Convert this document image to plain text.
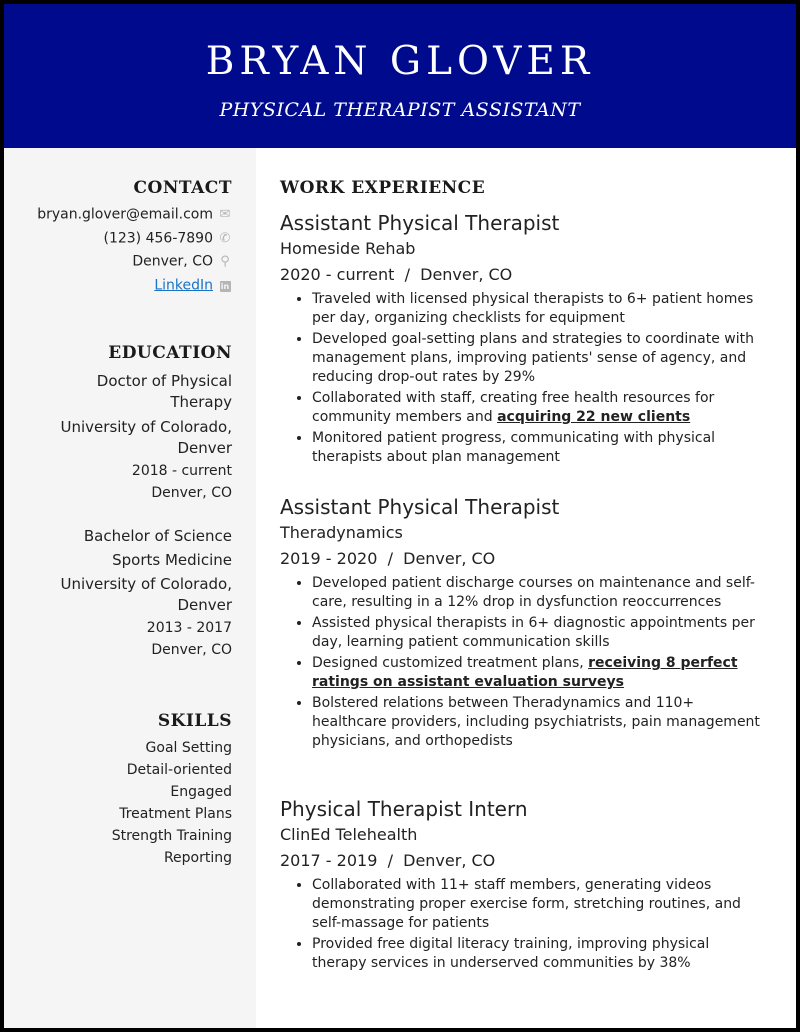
BRYAN GLOVER
PHYSICAL THERAPIST ASSISTANT
CONTACT
bryan.glover@email.com ✉
(123) 456-7890 ✆
Denver, CO ⚲
LinkedIn in
EDUCATION
Doctor of Physical Therapy
University of Colorado, Denver
2018 - current
Denver, CO
Bachelor of Science
Sports Medicine
University of Colorado, Denver
2013 - 2017
Denver, CO
SKILLS
Goal Setting
Detail-oriented
Engaged
Treatment Plans
Strength Training
Reporting
WORK EXPERIENCE
Assistant Physical Therapist
Homeside Rehab
2020 - current / Denver, CO
• Traveled with licensed physical therapists to 6+ patient homes per day, organizing checklists for equipment
• Developed goal-setting plans and strategies to coordinate with management plans, improving patients' sense of agency, and reducing drop-out rates by 29%
• Collaborated with staff, creating free health resources for community members and acquiring 22 new clients
• Monitored patient progress, communicating with physical therapists about plan management
Assistant Physical Therapist
Theradynamics
2019 - 2020 / Denver, CO
• Developed patient discharge courses on maintenance and self-care, resulting in a 12% drop in dysfunction reoccurrences
• Assisted physical therapists in 6+ diagnostic appointments per day, learning patient communication skills
• Designed customized treatment plans, receiving 8 perfect ratings on assistant evaluation surveys
• Bolstered relations between Theradynamics and 110+ healthcare providers, including psychiatrists, pain management physicians, and orthopedists
Physical Therapist Intern
ClinEd Telehealth
2017 - 2019 / Denver, CO
• Collaborated with 11+ staff members, generating videos demonstrating proper exercise form, stretching routines, and self-massage for patients
• Provided free digital literacy training, improving physical therapy services in underserved communities by 38%
